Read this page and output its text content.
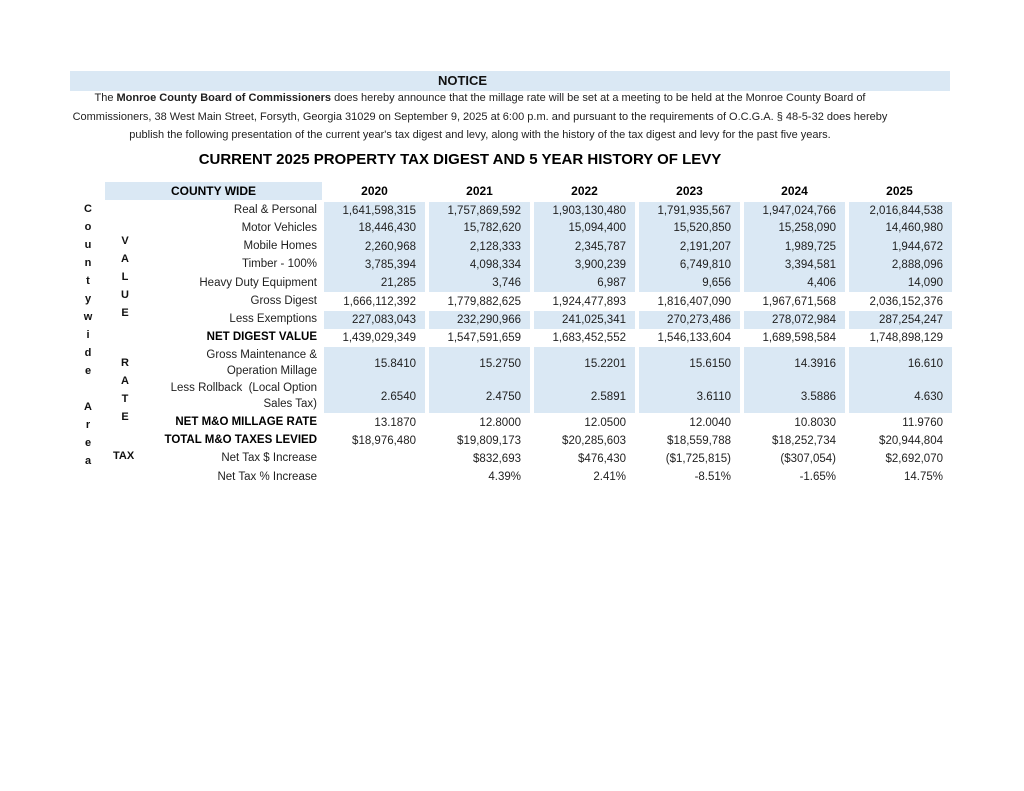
NOTICE
The Monroe County Board of Commissioners does hereby announce that the millage rate will be set at a meeting to be held at the Monroe County Board of
Commissioners, 38 West Main Street, Forsyth, Georgia 31029 on September 9, 2025 at 6:00 p.m. and pursuant to the requirements of O.C.G.A. § 48-5-32 does hereby
publish the following presentation of the current year's tax digest and levy, along with the history of the tax digest and levy for the past five years.
CURRENT 2025 PROPERTY TAX DIGEST AND 5 YEAR HISTORY OF LEVY
C
o
u
n
t
y
w
i
d
e
A
r
e
a
V
A
L
U
E
R
A
T
E
TAX
COUNTY WIDE	2020	2021	2022	2023	2024	2025

Real & Personal	1,641,598,315	1,757,869,592	1,903,130,480	1,791,935,567	1,947,024,766	2,016,844,538

Motor Vehicles	18,446,430	15,782,620	15,094,400	15,520,850	15,258,090	14,460,980

Mobile Homes	2,260,968	2,128,333	2,345,787	2,191,207	1,989,725	1,944,672

Timber - 100%	3,785,394	4,098,334	3,900,239	6,749,810	3,394,581	2,888,096

Heavy Duty Equipment	21,285	3,746	6,987	9,656	4,406	14,090

Gross Digest	1,666,112,392	1,779,882,625	1,924,477,893	1,816,407,090	1,967,671,568	2,036,152,376

Less Exemptions	227,083,043	232,290,966	241,025,341	270,273,486	278,072,984	287,254,247

NET DIGEST VALUE	1,439,029,349	1,547,591,659	1,683,452,552	1,546,133,604	1,689,598,584	1,748,898,129

Gross Maintenance &
Operation Millage	15.8410	15.2750	15.2201	15.6150	14.3916	16.610

Less Rollback  (Local Option
Sales Tax)	2.6540	2.4750	2.5891	3.6110	3.5886	4.630

NET M&O MILLAGE RATE	13.1870	12.8000	12.0500	12.0040	10.8030	11.9760

TOTAL M&O TAXES LEVIED	$18,976,480	$19,809,173	$20,285,603	$18,559,788	$18,252,734	$20,944,804

Net Tax $ Increase		$832,693	$476,430	($1,725,815)	($307,054)	$2,692,070

Net Tax % Increase		4.39%	2.41%	-8.51%	-1.65%	14.75%
